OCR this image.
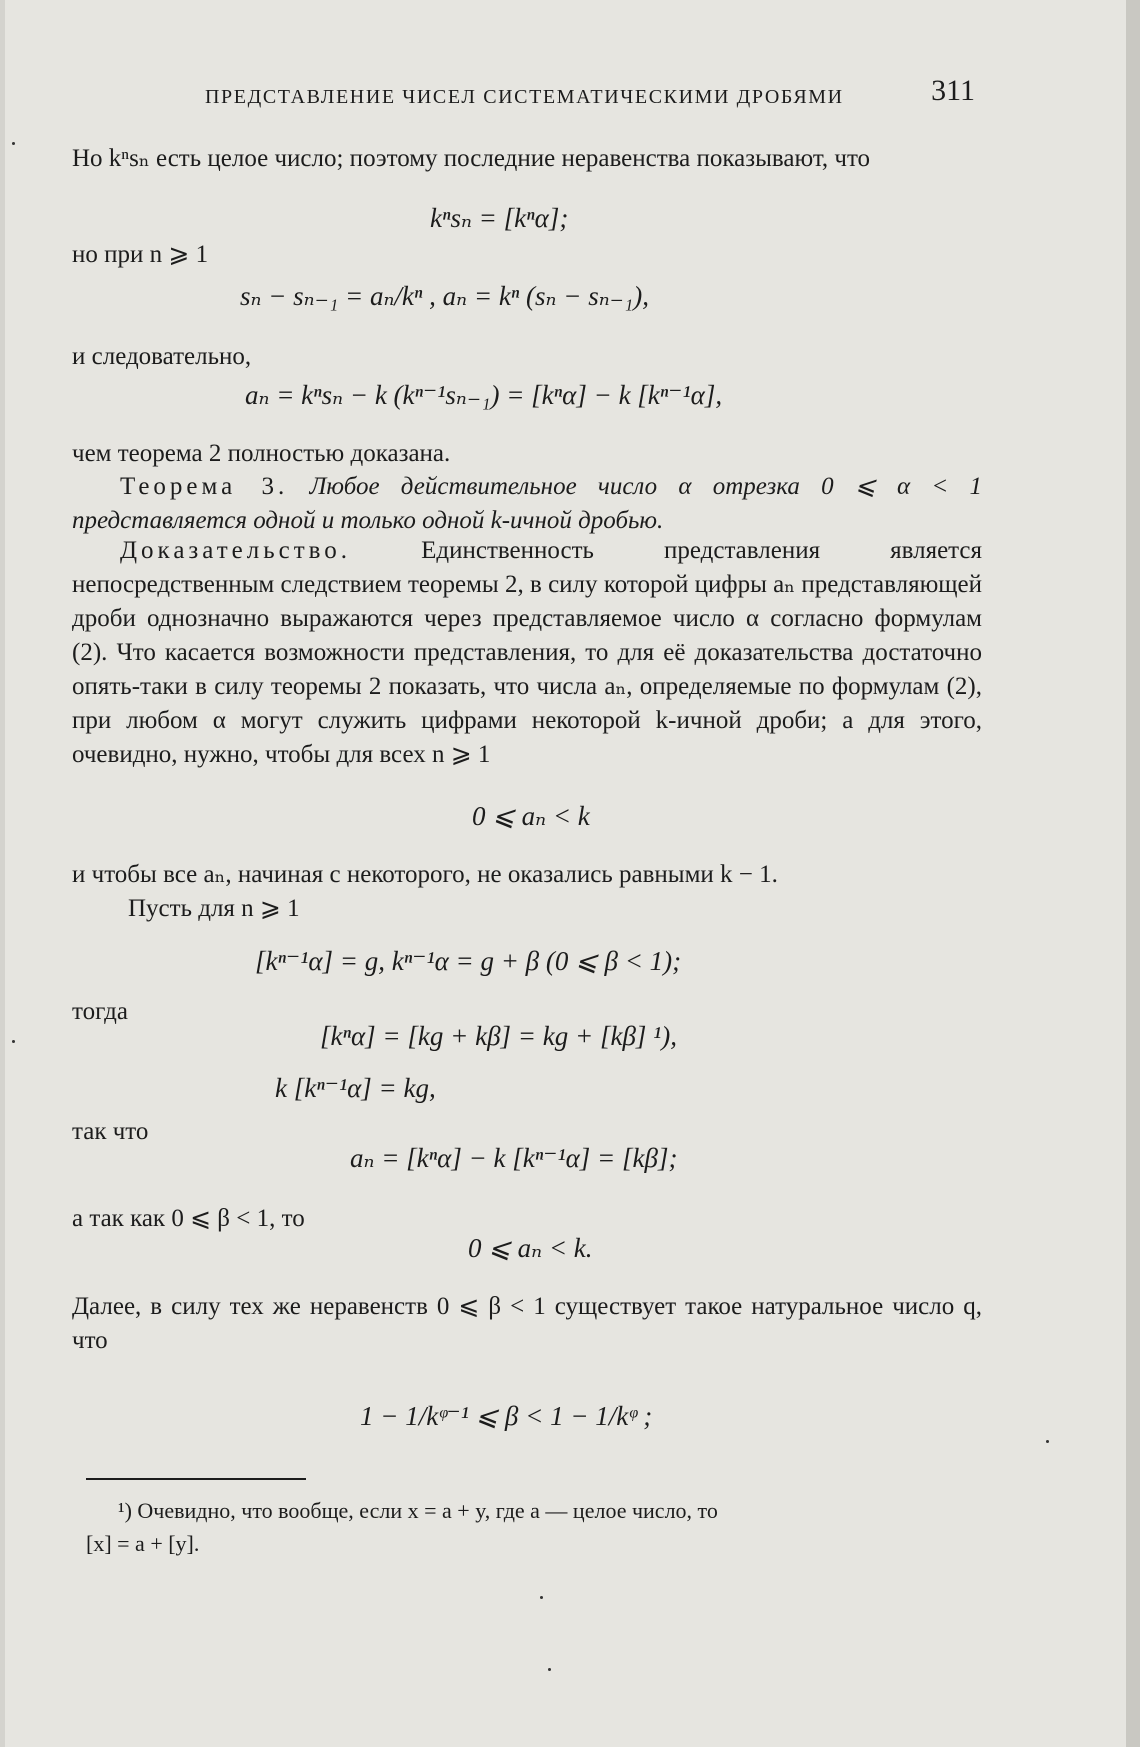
ПРЕДСТАВЛЕНИЕ ЧИСЕЛ СИСТЕМАТИЧЕСКИМИ ДРОБЯМИ	311

Но kⁿsₙ есть целое число; поэтому последние неравенства показывают, что

kⁿsₙ = [kⁿα];

но при n ⩾ 1

sₙ − sₙ₋₁ = aₙ/kⁿ , aₙ = kⁿ (sₙ − sₙ₋₁),

и следовательно,

aₙ = kⁿsₙ − k (kⁿ⁻¹sₙ₋₁) = [kⁿα] − k [kⁿ⁻¹α],

чем теорема 2 полностью доказана.

Теорема 3. Любое действительное число α отрезка 0 ⩽ α < 1 представляется одной и только одной k-ичной дробью.

Доказательство.	Единственность представления является непосредственным следствием теоремы 2, в силу которой цифры aₙ представляющей дроби однозначно выражаются через представляемое число α согласно формулам (2). Что касается возможности представления, то для её доказательства достаточно опять-таки в силу теоремы 2 показать, что числа aₙ, определяемые по формулам (2), при любом α могут служить цифрами некоторой k-ичной дроби; а для этого, очевидно, нужно, чтобы для всех n ⩾ 1

0 ⩽ aₙ < k

и чтобы все aₙ, начиная с некоторого, не оказались равными k − 1.

Пусть для n ⩾ 1

[kⁿ⁻¹α] = g, kⁿ⁻¹α = g + β (0 ⩽ β < 1);

тогда

[kⁿα] = [kg + kβ] = kg + [kβ] ¹),

k [kⁿ⁻¹α] = kg,

так что

aₙ = [kⁿα] − k [kⁿ⁻¹α] = [kβ];

а так как 0 ⩽ β < 1, то

0 ⩽ aₙ < k.

Далее, в силу тех же неравенств 0 ⩽ β < 1 существует такое натуральное число q, что

1 − 1/kᵠ⁻¹ ⩽ β < 1 − 1/kᵠ ;

¹) Очевидно, что вообще, если x = a + y, где a — целое число, то

[x] = a + [y].
